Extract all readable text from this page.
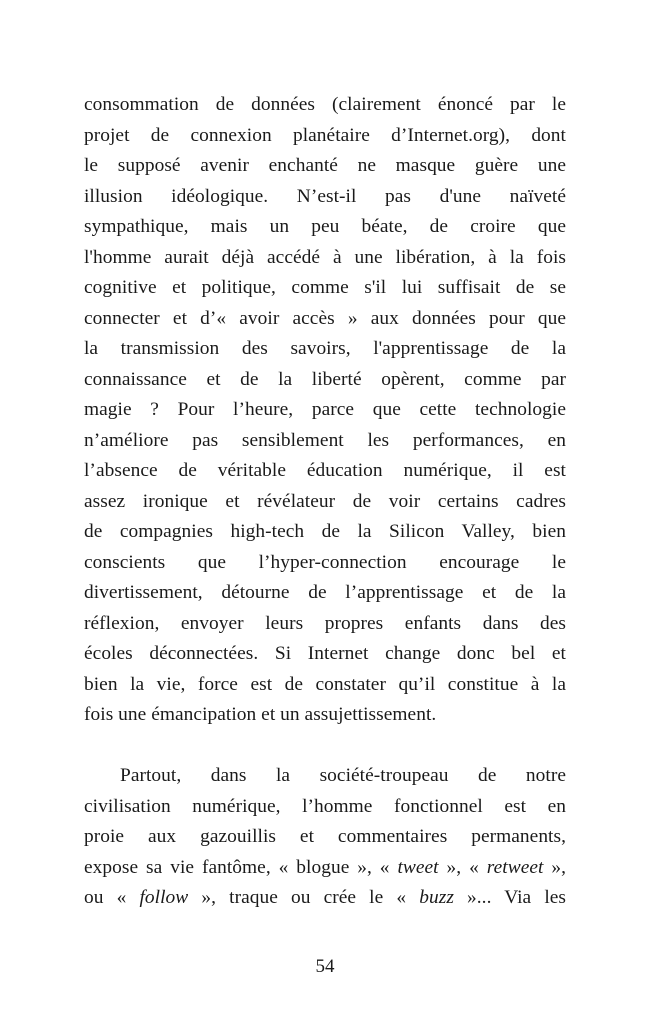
consommation de données (clairement énoncé par le
projet de connexion planétaire d’Internet.org), dont
le supposé avenir enchanté ne masque guère une
illusion idéologique. N’est-il pas d'une naïveté
sympathique, mais un peu béate, de croire que
l'homme aurait déjà accédé à une libération, à la fois
cognitive et politique, comme s'il lui suffisait de se
connecter et d’« avoir accès » aux données pour que
la transmission des savoirs, l'apprentissage de la
connaissance et de la liberté opèrent, comme par
magie ? Pour l’heure, parce que cette technologie
n’améliore pas sensiblement les performances, en
l’absence de véritable éducation numérique, il est
assez ironique et révélateur de voir certains cadres
de compagnies high-tech de la Silicon Valley, bien
conscients que l’hyper-connection encourage le
divertissement, détourne de l’apprentissage et de la
réflexion, envoyer leurs propres enfants dans des
écoles déconnectées. Si Internet change donc bel et
bien la vie, force est de constater qu’il constitue à la
fois une émancipation et un assujettissement.
Partout, dans la société-troupeau de notre
civilisation numérique, l’homme fonctionnel est en
proie aux gazouillis et commentaires permanents,
expose sa vie fantôme, « blogue », « tweet », « retweet »,
ou « follow », traque ou crée le « buzz »... Via les
54
